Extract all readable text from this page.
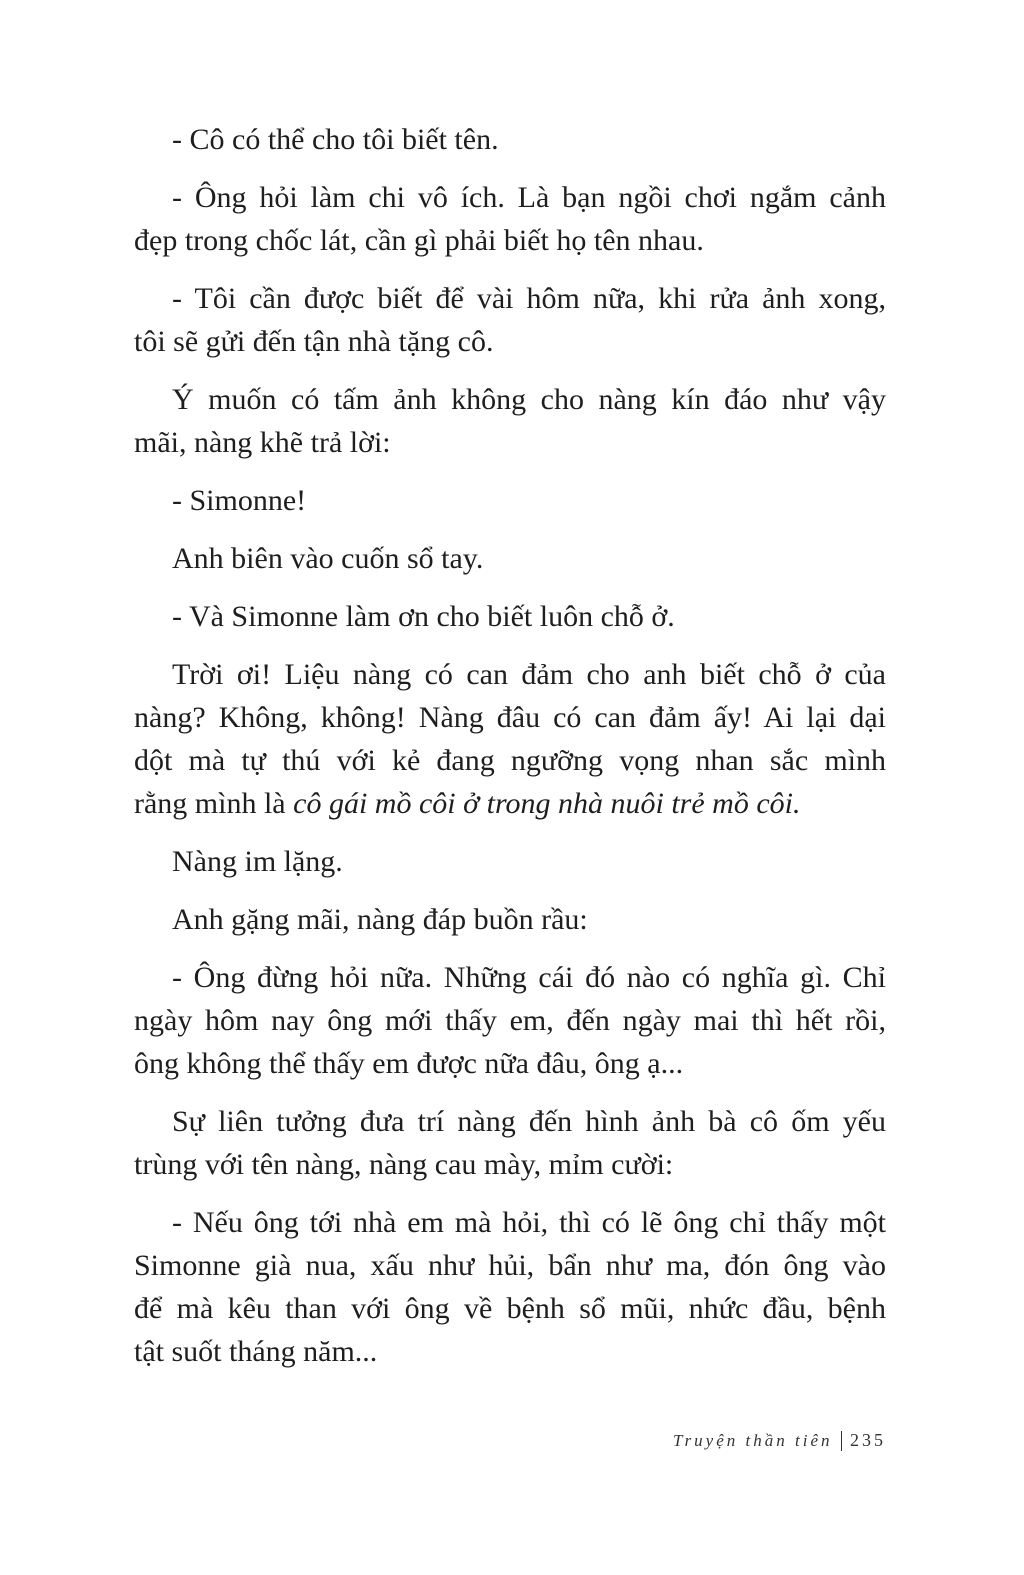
- Cô có thể cho tôi biết tên.
- Ông hỏi làm chi vô ích. Là bạn ngồi chơi ngắm cảnh
đẹp trong chốc lát, cần gì phải biết họ tên nhau.
- Tôi cần được biết để vài hôm nữa, khi rửa ảnh xong,
tôi sẽ gửi đến tận nhà tặng cô.
Ý muốn có tấm ảnh không cho nàng kín đáo như vậy
mãi, nàng khẽ trả lời:
- Simonne!
Anh biên vào cuốn sổ tay.
- Và Simonne làm ơn cho biết luôn chỗ ở.
Trời ơi! Liệu nàng có can đảm cho anh biết chỗ ở của
nàng? Không, không! Nàng đâu có can đảm ấy! Ai lại dại
dột mà tự thú với kẻ đang ngưỡng vọng nhan sắc mình
rằng mình là cô gái mồ côi ở trong nhà nuôi trẻ mồ côi.
Nàng im lặng.
Anh gặng mãi, nàng đáp buồn rầu:
- Ông đừng hỏi nữa. Những cái đó nào có nghĩa gì. Chỉ
ngày hôm nay ông mới thấy em, đến ngày mai thì hết rồi,
ông không thể thấy em được nữa đâu, ông ạ...
Sự liên tưởng đưa trí nàng đến hình ảnh bà cô ốm yếu
trùng với tên nàng, nàng cau mày, mỉm cười:
- Nếu ông tới nhà em mà hỏi, thì có lẽ ông chỉ thấy một
Simonne già nua, xấu như hủi, bẩn như ma, đón ông vào
để mà kêu than với ông về bệnh sổ mũi, nhức đầu, bệnh
tật suốt tháng năm...
Truyện thần tiên 235
